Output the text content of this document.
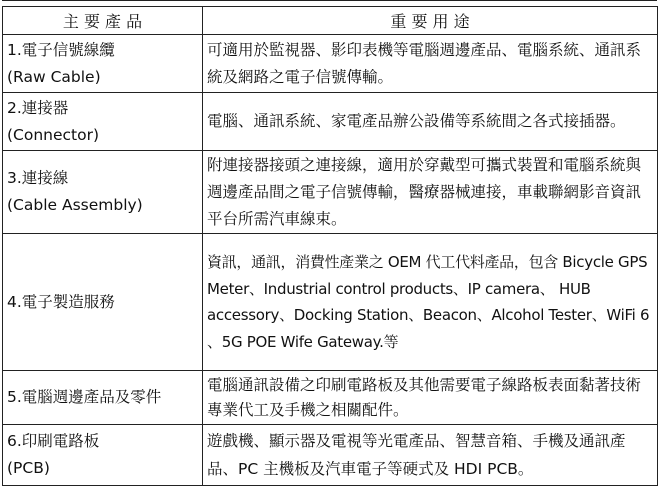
主 要 產 品	重 要 用 途

1.電子信號線纜
(Raw Cable)	可適用於監視器、影印表機等電腦週邊產品、電腦系統、通訊系統及網路之電子信號傳輸。

2.連接器
(Connector)	電腦、通訊系統、家電產品辦公設備等系統間之各式接插器。

3.連接線
(Cable Assembly)	附連接器接頭之連接線，適用於穿戴型可攜式裝置和電腦系統與週邊產品間之電子信號傳輸，醫療器械連接，車載聯網影音資訊平台所需汽車線束。

4.電子製造服務	資訊，通訊，消費性產業之 OEM 代工代料產品，包含 Bicycle GPS Meter、Industrial control products、IP camera、 HUB accessory、Docking Station、Beacon、Alcohol Tester、WiFi 6 、5G POE Wife Gateway.等

5.電腦週邊產品及零件	電腦通訊設備之印刷電路板及其他需要電子線路板表面黏著技術專業代工及手機之相關配件。

6.印刷電路板
(PCB)	遊戲機、顯示器及電視等光電產品、智慧音箱、手機及通訊產品、PC 主機板及汽車電子等硬式及 HDI PCB。
